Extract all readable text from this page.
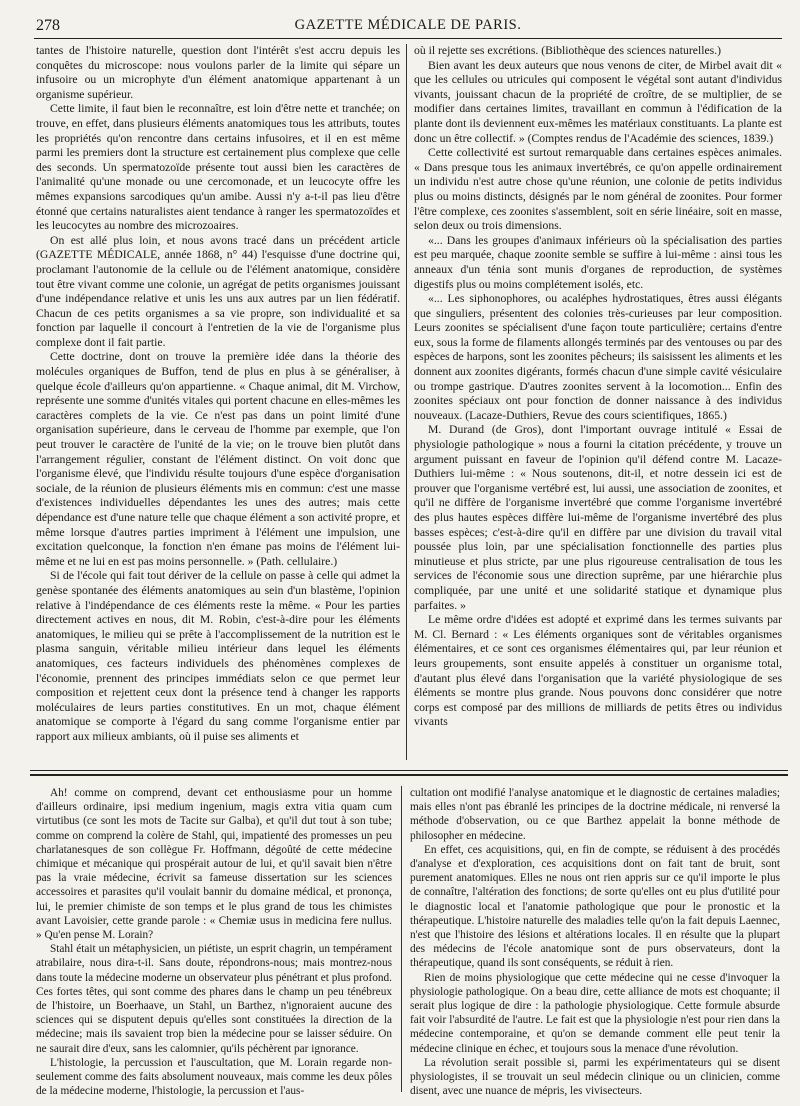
278	GAZETTE MÉDICALE DE PARIS.

tantes de l'histoire naturelle, question dont l'intérêt s'est accru depuis les conquêtes du microscope: nous voulons parler de la limite qui sépare un infusoire ou un microphyte d'un élément anatomique appartenant à un organisme supérieur.

Cette limite, il faut bien le reconnaître, est loin d'être nette et tranchée; on trouve, en effet, dans plusieurs éléments anatomiques tous les attributs, toutes les propriétés qu'on rencontre dans certains infusoires, et il en est même parmi les premiers dont la structure est certainement plus complexe que celle des seconds. Un spermatozoïde présente tout aussi bien les caractères de l'animalité qu'une monade ou une cercomonade, et un leucocyte offre les mêmes expansions sarcodiques qu'un amibe. Aussi n'y a-t-il pas lieu d'être étonné que certains naturalistes aient tendance à ranger les spermatozoïdes et les leucocytes au nombre des microzoaires.

On est allé plus loin, et nous avons tracé dans un précédent article (GAZETTE MÉDICALE, année 1868, n° 44) l'esquisse d'une doctrine qui, proclamant l'autonomie de la cellule ou de l'élément anatomique, considère tout être vivant comme une colonie, un agrégat de petits organismes jouissant d'une indépendance relative et unis les uns aux autres par un lien fédératif. Chacun de ces petits organismes a sa vie propre, son individualité et sa fonction par laquelle il concourt à l'entretien de la vie de l'organisme plus complexe dont il fait partie.

Cette doctrine, dont on trouve la première idée dans la théorie des molécules organiques de Buffon, tend de plus en plus à se généraliser, à quelque école d'ailleurs qu'on appartienne. « Chaque animal, dit M. Virchow, représente une somme d'unités vitales qui portent chacune en elles-mêmes les caractères complets de la vie. Ce n'est pas dans un point limité d'une organisation supérieure, dans le cerveau de l'homme par exemple, que l'on peut trouver le caractère de l'unité de la vie; on le trouve bien plutôt dans l'arrangement régulier, constant de l'élément distinct. On voit donc que l'organisme élevé, que l'individu résulte toujours d'une espèce d'organisation sociale, de la réunion de plusieurs éléments mis en commun: c'est une masse d'existences individuelles dépendantes les unes des autres; mais cette dépendance est d'une nature telle que chaque élément a son activité propre, et même lorsque d'autres parties impriment à l'élément une impulsion, une excitation quelconque, la fonction n'en émane pas moins de l'élément lui-même et ne lui en est pas moins personnelle. » (Path. cellulaire.)

Si de l'école qui fait tout dériver de la cellule on passe à celle qui admet la genèse spontanée des éléments anatomiques au sein d'un blastème, l'opinion relative à l'indépendance de ces éléments reste la même. « Pour les parties directement actives en nous, dit M. Robin, c'est-à-dire pour les éléments anatomiques, le milieu qui se prête à l'accomplissement de la nutrition est le plasma sanguin, véritable milieu intérieur dans lequel les éléments anatomiques, ces facteurs individuels des phénomènes complexes de l'économie, prennent des principes immédiats selon ce que permet leur composition et rejettent ceux dont la présence tend à changer les rapports moléculaires de leurs parties constitutives. En un mot, chaque élément anatomique se comporte à l'égard du sang comme l'organisme entier par rapport aux milieux ambiants, où il puise ses aliments et

où il rejette ses excrétions. (Bibliothèque des sciences naturelles.)

Bien avant les deux auteurs que nous venons de citer, de Mirbel avait dit « que les cellules ou utricules qui composent le végétal sont autant d'individus vivants, jouissant chacun de la propriété de croître, de se multiplier, de se modifier dans certaines limites, travaillant en commun à l'édification de la plante dont ils deviennent eux-mêmes les matériaux constituants. La plante est donc un être collectif. » (Comptes rendus de l'Académie des sciences, 1839.)

Cette collectivité est surtout remarquable dans certaines espèces animales. « Dans presque tous les animaux invertébrés, ce qu'on appelle ordinairement un individu n'est autre chose qu'une réunion, une colonie de petits individus plus ou moins distincts, désignés par le nom général de zoonites. Pour former l'être complexe, ces zoonites s'assemblent, soit en série linéaire, soit en masse, selon deux ou trois dimensions.

«... Dans les groupes d'animaux inférieurs où la spécialisation des parties est peu marquée, chaque zoonite semble se suffire à lui-même : ainsi tous les anneaux d'un ténia sont munis d'organes de reproduction, de systèmes digestifs plus ou moins complétement isolés, etc.

«... Les siphonophores, ou acaléphes hydrostatiques, êtres aussi élégants que singuliers, présentent des colonies très-curieuses par leur composition. Leurs zoonites se spécialisent d'une façon toute particulière; certains d'entre eux, sous la forme de filaments allongés terminés par des ventouses ou par des espèces de harpons, sont les zoonites pêcheurs; ils saisissent les aliments et les donnent aux zoonites digérants, formés chacun d'une simple cavité vésiculaire ou trompe gastrique. D'autres zoonites servent à la locomotion... Enfin des zoonites spéciaux ont pour fonction de donner naissance à des individus nouveaux. (Lacaze-Duthiers, Revue des cours scientifiques, 1865.)

M. Durand (de Gros), dont l'important ouvrage intitulé « Essai de physiologie pathologique » nous a fourni la citation précédente, y trouve un argument puissant en faveur de l'opinion qu'il défend contre M. Lacaze-Duthiers lui-même : « Nous soutenons, dit-il, et notre dessein ici est de prouver que l'organisme vertébré est, lui aussi, une association de zoonites, et qu'il ne diffère de l'organisme invertébré que comme l'organisme invertébré des plus hautes espèces diffère lui-même de l'organisme invertébré des plus basses espèces; c'est-à-dire qu'il en diffère par une division du travail vital poussée plus loin, par une spécialisation fonctionnelle des parties plus minutieuse et plus stricte, par une plus rigoureuse centralisation de tous les services de l'économie sous une direction suprême, par une hiérarchie plus compliquée, par une unité et une solidarité statique et dynamique plus parfaites. »

Le même ordre d'idées est adopté et exprimé dans les termes suivants par M. Cl. Bernard : « Les éléments organiques sont de véritables organismes élémentaires, et ce sont ces organismes élémentaires qui, par leur réunion et leurs groupements, sont ensuite appelés à constituer un organisme total, d'autant plus élevé dans l'organisation que la variété physiologique de ses éléments se montre plus grande. Nous pouvons donc considérer que notre corps est composé par des millions de milliards de petits êtres ou individus vivants

Ah! comme on comprend, devant cet enthousiasme pour un homme d'ailleurs ordinaire, ipsi medium ingenium, magis extra vitia quam cum virtutibus (ce sont les mots de Tacite sur Galba), et qu'il dut tout à son tube; comme on comprend la colère de Stahl, qui, impatienté des promesses un peu charlatanesques de son collègue Fr. Hoffmann, dégoûté de cette médecine chimique et mécanique qui prospérait autour de lui, et qu'il savait bien n'être pas la vraie médecine, écrivit sa fameuse dissertation sur les sciences accessoires et parasites qu'il voulait bannir du domaine médical, et prononça, lui, le premier chimiste de son temps et le plus grand de tous les chimistes avant Lavoisier, cette grande parole : « Chemiæ usus in medicina fere nullus. » Qu'en pense M. Lorain?

Stahl était un métaphysicien, un piétiste, un esprit chagrin, un tempérament atrabilaire, nous dira-t-il. Sans doute, répondrons-nous; mais montrez-nous dans toute la médecine moderne un observateur plus pénétrant et plus profond. Ces fortes têtes, qui sont comme des phares dans le champ un peu ténébreux de l'histoire, un Boerhaave, un Stahl, un Barthez, n'ignoraient aucune des sciences qui se disputent depuis qu'elles sont constituées la direction de la médecine; mais ils savaient trop bien la médecine pour se laisser séduire. On ne saurait dire d'eux, sans les calomnier, qu'ils péchèrent par ignorance.

L'histologie, la percussion et l'auscultation, que M. Lorain regarde non-seulement comme des faits absolument nouveaux, mais comme les deux pôles de la médecine moderne, l'histologie, la percussion et l'aus-

cultation ont modifié l'analyse anatomique et le diagnostic de certaines maladies; mais elles n'ont pas ébranlé les principes de la doctrine médicale, ni renversé la méthode d'observation, ou ce que Barthez appelait la bonne méthode de philosopher en médecine.

En effet, ces acquisitions, qui, en fin de compte, se réduisent à des procédés d'analyse et d'exploration, ces acquisitions dont on fait tant de bruit, sont purement anatomiques. Elles ne nous ont rien appris sur ce qu'il importe le plus de connaître, l'altération des fonctions; de sorte qu'elles ont eu plus d'utilité pour le diagnostic local et l'anatomie pathologique que pour le pronostic et la thérapeutique. L'histoire naturelle des maladies telle qu'on la fait depuis Laennec, n'est que l'histoire des lésions et altérations locales. Il en résulte que la plupart des médecins de l'école anatomique sont de purs observateurs, dont la thérapeutique, quand ils sont conséquents, se réduit à rien.

Rien de moins physiologique que cette médecine qui ne cesse d'invoquer la physiologie pathologique. On a beau dire, cette alliance de mots est choquante; il serait plus logique de dire : la pathologie physiologique. Cette formule absurde fait voir l'absurdité de l'autre. Le fait est que la physiologie n'est pour rien dans la médecine contemporaine, et qu'on se demande comment elle peut tenir la médecine clinique en échec, et toujours sous la menace d'une révolution.

La révolution serait possible si, parmi les expérimentateurs qui se disent physiologistes, il se trouvait un seul médecin clinique ou un clinicien, comme disent, avec une nuance de mépris, les vivisecteurs.
